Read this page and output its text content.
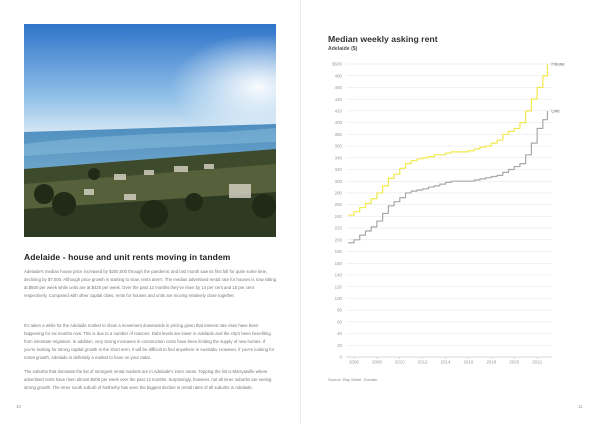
Adelaide - house and unit rents moving in tandem

Adelaide's median house price increased by $200,000 through the pandemic and last month saw its first fall for quite some time, declining by $7,000. Although price growth is starting to slow, rents aren't. The median advertised rental rate for houses is now sitting at $500 per week while units are at $420 per week. Over the past 12 months they've risen by 14 per cent and 15 per cent respectively. Compared with other capital cities, rents for houses and units are moving relatively close together.

It's taken a while for the Adelaide market to show a movement downwards in pricing given that interest rate rises have been happening for six months now. This is due to a number of reasons. Debt levels are lower in Adelaide and the city's been benefiting from interstate migration. In addition, very strong increases in construction costs have been limiting the supply of new homes. If you're looking for strong capital growth in the short term, it will be difficult to find anywhere in Australia. However, if you're looking for rental growth, Adelaide is definitely a market to have on your radar.

The suburbs that dominate the list of strongest rental markets are in Adelaide's inner areas. Topping the list is Marryatville where advertised rents have risen almost $200 per week over the past 12 months. Surprisingly, however, not all inner suburbs are seeing strong growth. The inner south suburb of Netherby has seen the biggest decline in rental rates of all suburbs in Adelaide.

10
Median weekly asking rent
Adelaide ($)
0
20
40
60
80
100
120
140
160
180
200
220
240
260
280
300
320
340
360
380
400
420
440
460
480
$500
2006	2008	2010	2012	2014	2016	2018	2020	2022
House
Unit
Source: Ray White, Domain
11
